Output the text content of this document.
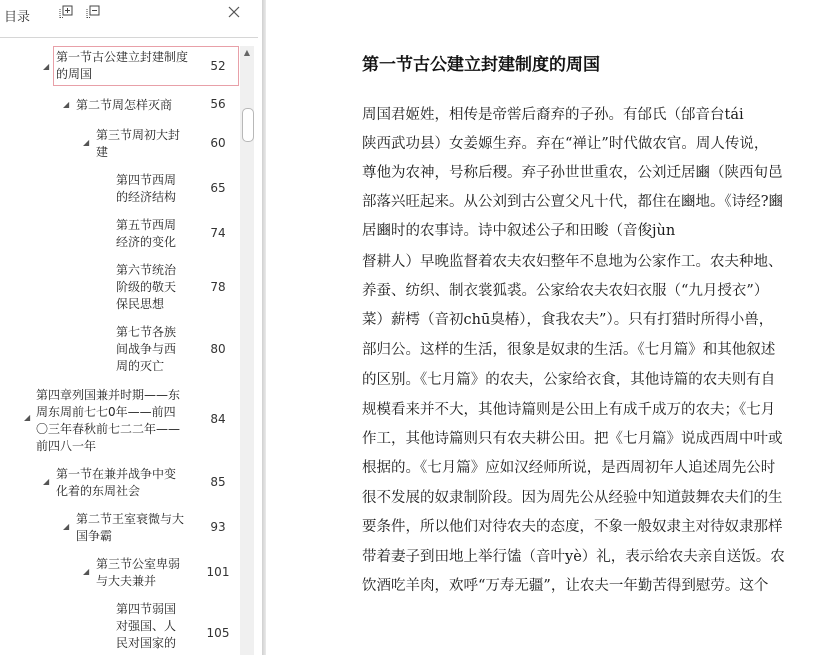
目录
◢
第一节古公建立封建制度的周国
52
◢ 第二节周怎样灭商	56
◢
第三节周初大封建
60
第四节西周的经济结构
65
第五节西周经济的变化
74
第六节统治阶级的敬天保民思想
78
第七节各族间战争与西周的灭亡
80
◢
第四章列国兼并时期——东周东周前七七0年——前四〇三年春秋前七二二年——前四八一年
84
◢
第一节在兼并战争中变化着的东周社会
85
◢
第二节王室衰微与大国争霸
93
◢
第三节公室卑弱与大夫兼并
101
第四节弱国对强国、人民对国家的
105
▲
第一节古公建立封建制度的周国
周国君姬姓，相传是帝喾后裔弃的子孙。有邰氏（邰音台tái
陕西武功县）女姜嫄生弃。弃在“禅让”时代做农官。周人传说，
尊他为农神，号称后稷。弃子孙世世重农，公刘迁居豳（陕西旬邑
部落兴旺起来。从公刘到古公亶父凡十代，都住在豳地。《诗经?豳
居豳时的农事诗。诗中叙述公子和田畯（音俊jùn
督耕人）早晚监督着农夫农妇整年不息地为公家作工。农夫种地、
养蚕、纺织、制衣裳狐裘。公家给农夫农妇衣服（“九月授衣”）
菜）薪樗（音初chū臭椿），食我农夫”）。只有打猎时所得小兽，
部归公。这样的生活，很象是奴隶的生活。《七月篇》和其他叙述
的区别。《七月篇》的农夫，公家给衣食，其他诗篇的农夫则有自
规模看来并不大，其他诗篇则是公田上有成千成万的农夫；《七月
作工，其他诗篇则只有农夫耕公田。把《七月篇》说成西周中叶或
根据的。《七月篇》应如汉经师所说，是西周初年人追述周先公时
很不发展的奴隶制阶段。因为周先公从经验中知道鼓舞农夫们的生
要条件，所以他们对待农夫的态度，不象一般奴隶主对待奴隶那样
带着妻子到田地上举行馌（音叶yè）礼，表示给农夫亲自送饭。农
饮酒吃羊肉，欢呼“万寿无疆”，让农夫一年勤苦得到慰劳。这个
